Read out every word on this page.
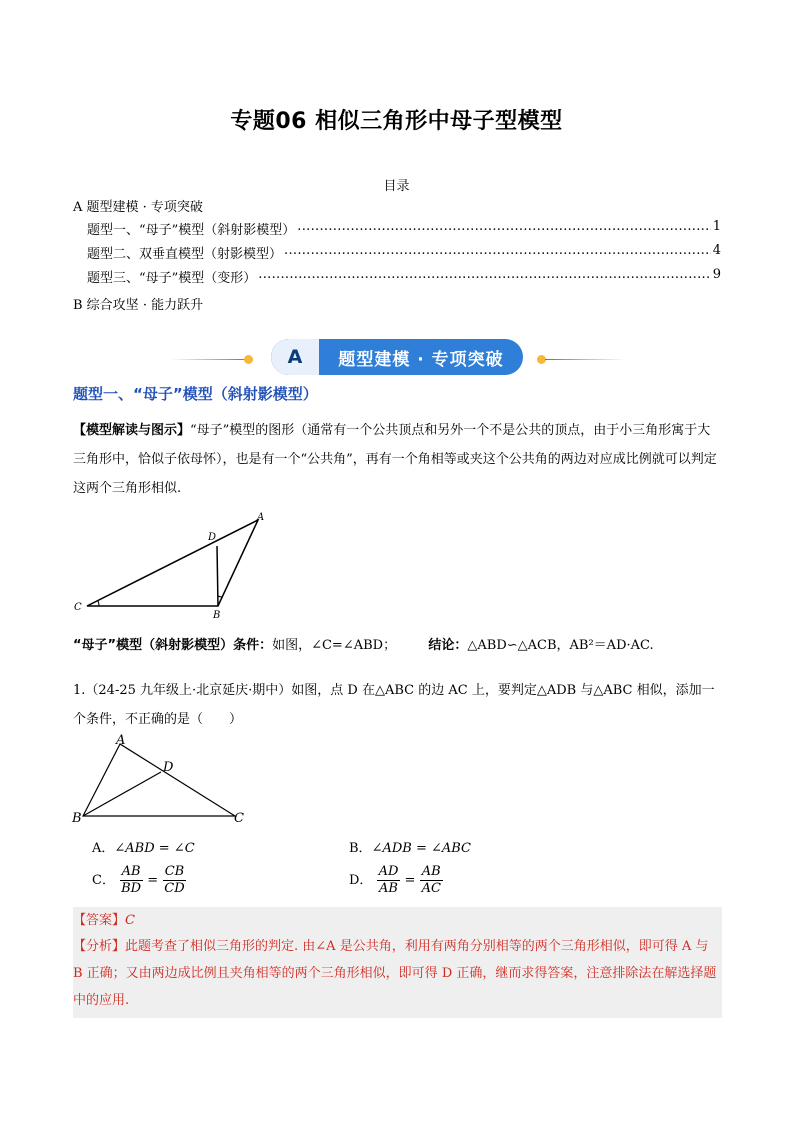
专题06 相似三角形中母子型模型
目录
A 题型建模 · 专项突破
题型一、“母子”模型（斜射影模型） .....	1
题型二、双垂直模型（射影模型） .....	4
题型三、“母子”模型（变形） .....	9
B 综合攻坚 · 能力跃升
A	题型建模 · 专项突破
题型一、“母子”模型（斜射影模型）
【模型解读与图示】“母子”模型的图形（通常有一个公共顶点和另外一个不是公共的顶点，由于小三角形寓于大三角形中，恰似子依母怀），也是有一个“公共角”，再有一个角相等或夹这个公共角的两边对应成比例就可以判定这两个三角形相似.
A
D
C
B
“母子”模型（斜射影模型）条件：如图，∠C=∠ABD； 结论：△ABD∽△ACB，AB²＝AD·AC.
1.（24-25 九年级上·北京延庆·期中）如图，点 D 在△ABC 的边 AC 上，要判定△ADB 与△ABC 相似，添加一个条件，不正确的是（　　）
A
D
B	C
A．∠ABD = ∠C	B．∠ADB = ∠ABC
C． $\frac{AB}{BD} = \frac{CB}{CD}$	D． $\frac{AD}{AB} = \frac{AB}{AC}$
【答案】C
【分析】此题考查了相似三角形的判定. 由∠A 是公共角，利用有两角分别相等的两个三角形相似，即可得 A 与 B 正确；又由两边成比例且夹角相等的两个三角形相似，即可得 D 正确，继而求得答案，注意排除法在解选择题中的应用.
